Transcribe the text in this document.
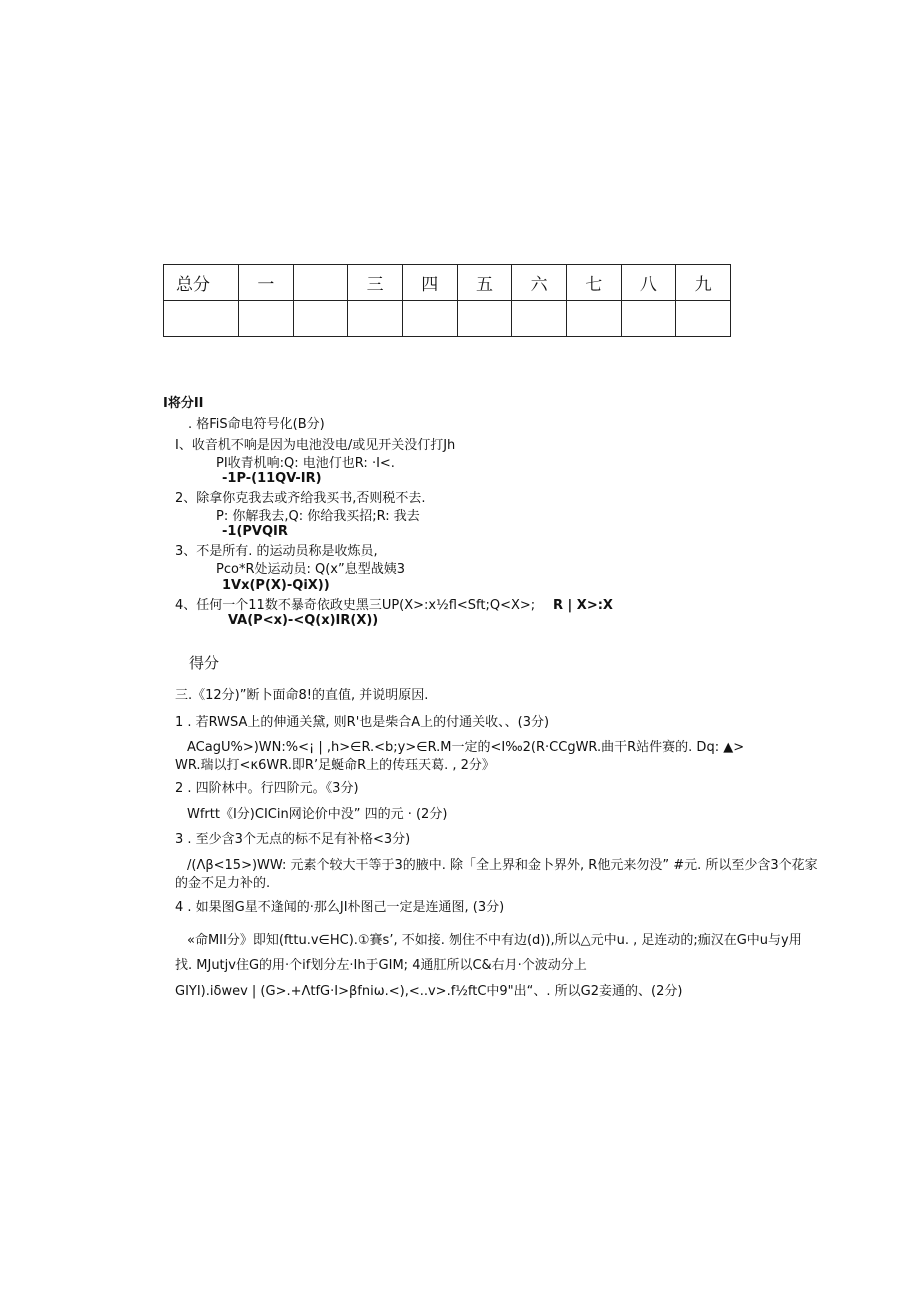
总分	一		三	四	五	六	七	八	九

I将分II
. 格FiS命电符号化(B分)
I、收音机不响是因为电池没电/或见开关没仃打Jh
PI收青机响:Q: 电池仃也R: ·I<.
-1P-(11QV-IR)
2、除拿你克我去或齐给我买书,否则税不去.
P: 你解我去,Q: 你给我买招;R: 我去
-1(PVQIR
3、不是所有. 的运动员称是收炼员,
Pco*R处运动员: Q(x”息型战姨3
1Vx(P(X)-QiX))
4、任何一个11数不暴奇依政史黑三UP(X>:x½fl<Sft;Q<X>; R | X>:X
VA(P<x)-<Q(x)IR(X))
得分
三.《12分)”断卜面命8!的直值, 并说明原因.
1 . 若RWSA上的伸通关黛, 则R'也是柴合A上的付通关收、、(3分)
ACagU%>)WN:%<¡ | ,h>∈R.<b;y>∈R.M一定的<I‰2(R·CCgWR.曲干R站件赛的. Dq: ▲>
WR.瑞以打<κ6WR.即R’足蜒命R上的传珏天葛. , 2分》
2 . 四阶林中。行四阶元。《3分)
Wfrtt《I分)CICin网论价中没” 四的元 · (2分)
3 . 至少含3个无点的标不足有补格<3分)
/(Λβ<15>)WW: 元素个较大干等于3的腋中. 除「全上界和金卜界外, R他元来勿没” #元. 所以至少含3个花家
的金不足力补的.
4 . 如果图G星不逢闻的·那么JI朴图己一定是连通图, (3分)
«命MII分》即知(fttu.v∈HC).①賽s’, 不如接. 刎住不中有边(d)),所以△元中u. , 足连动的;痂汉在G中u与y用
找. MJutjv住G的用·个if划分左·Ih于GIM; 4通肛所以C&右月·个波动分上
GIYI).iδwev | (G>.+ΛtfG·I>βfniω.<),<..v>.f½ftC中9"出“、. 所以G2妾通的、(2分)
